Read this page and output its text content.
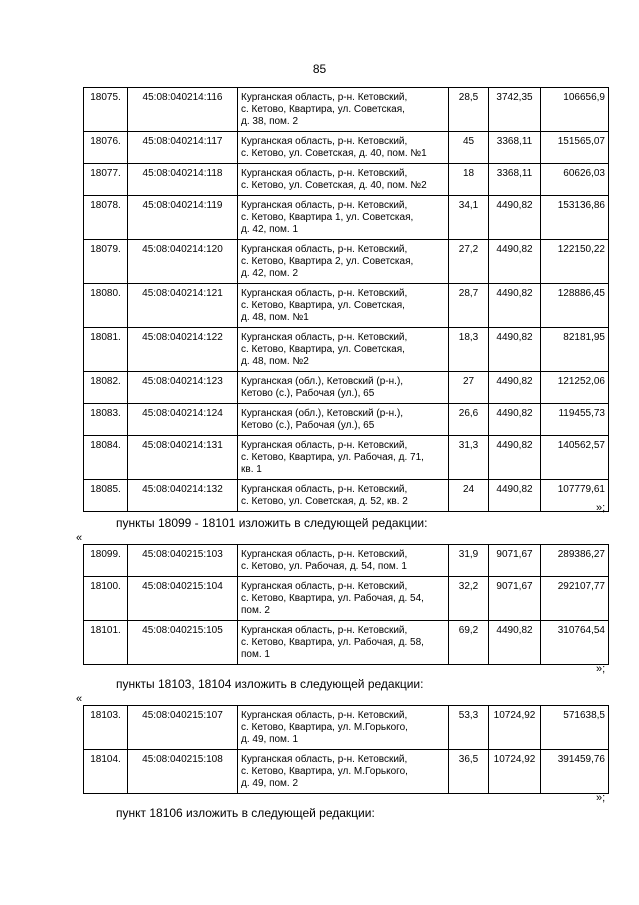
85
18075.	45:08:040214:116	Курганская область, р-н. Кетовский,
с. Кетово, Квартира, ул. Советская,
д. 38, пом. 2	28,5	3742,35	106656,9
18076.	45:08:040214:117	Курганская область, р-н. Кетовский,
с. Кетово, ул. Советская, д. 40, пом. №1	45	3368,11	151565,07
18077.	45:08:040214:118	Курганская область, р-н. Кетовский,
с. Кетово, ул. Советская, д. 40, пом. №2	18	3368,11	60626,03
18078.	45:08:040214:119	Курганская область, р-н. Кетовский,
с. Кетово, Квартира 1, ул. Советская,
д. 42, пом. 1	34,1	4490,82	153136,86
18079.	45:08:040214:120	Курганская область, р-н. Кетовский,
с. Кетово, Квартира 2, ул. Советская,
д. 42, пом. 2	27,2	4490,82	122150,22
18080.	45:08:040214:121	Курганская область, р-н. Кетовский,
с. Кетово, Квартира, ул. Советская,
д. 48, пом. №1	28,7	4490,82	128886,45
18081.	45:08:040214:122	Курганская область, р-н. Кетовский,
с. Кетово, Квартира, ул. Советская,
д. 48, пом. №2	18,3	4490,82	82181,95
18082.	45:08:040214:123	Курганская (обл.), Кетовский (р-н.),
Кетово (с.), Рабочая (ул.), 65	27	4490,82	121252,06
18083.	45:08:040214:124	Курганская (обл.), Кетовский (р-н.),
Кетово (с.), Рабочая (ул.), 65	26,6	4490,82	119455,73
18084.	45:08:040214:131	Курганская область, р-н. Кетовский,
с. Кетово, Квартира, ул. Рабочая, д. 71,
кв. 1	31,3	4490,82	140562,57
18085.	45:08:040214:132	Курганская область, р-н. Кетовский,
с. Кетово, ул. Советская, д. 52, кв. 2	24	4490,82	107779,61
»;
пункты 18099 - 18101 изложить в следующей редакции:
«
18099.	45:08:040215:103	Курганская область, р-н. Кетовский,
с. Кетово, ул. Рабочая, д. 54, пом. 1	31,9	9071,67	289386,27
18100.	45:08:040215:104	Курганская область, р-н. Кетовский,
с. Кетово, Квартира, ул. Рабочая, д. 54,
пом. 2	32,2	9071,67	292107,77
18101.	45:08:040215:105	Курганская область, р-н. Кетовский,
с. Кетово, Квартира, ул. Рабочая, д. 58,
пом. 1	69,2	4490,82	310764,54
»;
пункты 18103, 18104 изложить в следующей редакции:
«
18103.	45:08:040215:107	Курганская область, р-н. Кетовский,
с. Кетово, Квартира, ул. М.Горького,
д. 49, пом. 1	53,3	10724,92	571638,5
18104.	45:08:040215:108	Курганская область, р-н. Кетовский,
с. Кетово, Квартира, ул. М.Горького,
д. 49, пом. 2	36,5	10724,92	391459,76
»;
пункт 18106 изложить в следующей редакции:
